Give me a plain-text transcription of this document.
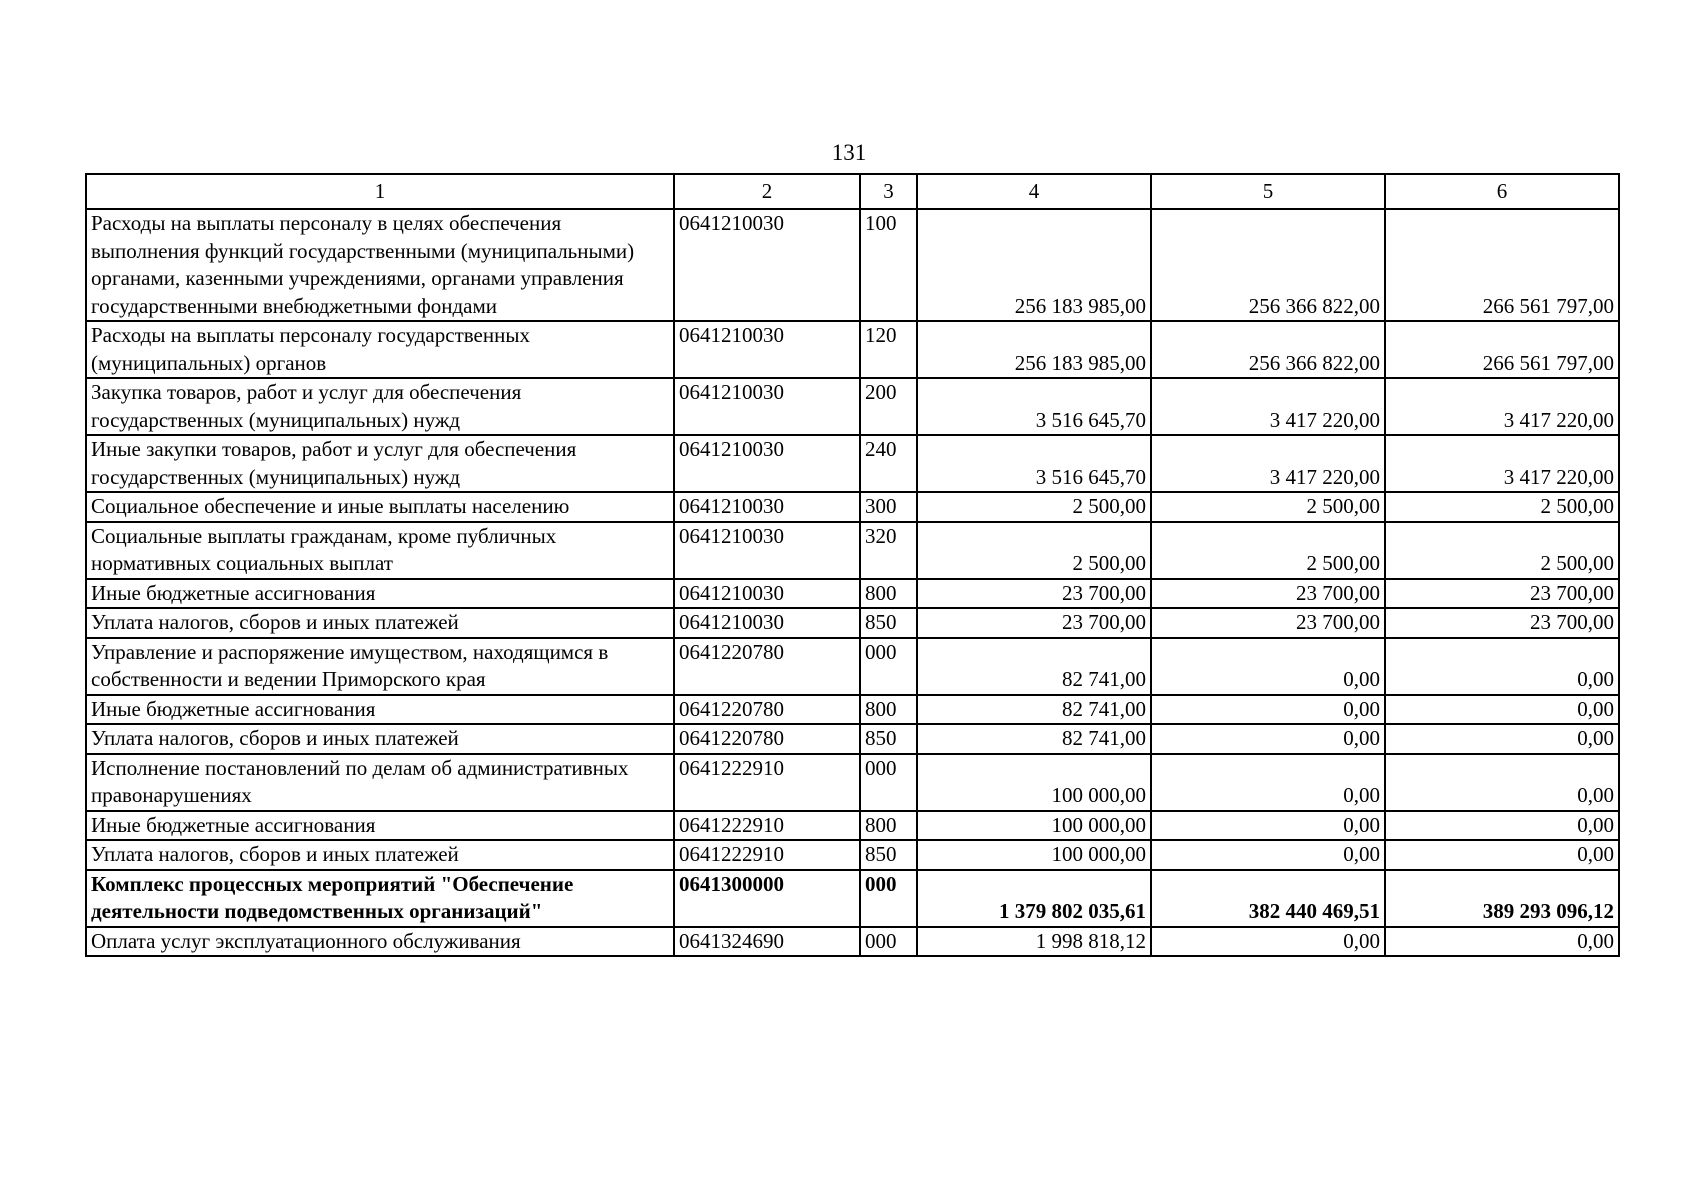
131
1	2	3	4	5	6
Расходы на выплаты персоналу в целях обеспечения выполнения функций государственными (муниципальными) органами, казенными учреждениями, органами управления государственными внебюджетными фондами	0641210030	100	256 183 985,00	256 366 822,00	266 561 797,00
Расходы на выплаты персоналу государственных (муниципальных) органов	0641210030	120	256 183 985,00	256 366 822,00	266 561 797,00
Закупка товаров, работ и услуг для обеспечения государственных (муниципальных) нужд	0641210030	200	3 516 645,70	3 417 220,00	3 417 220,00
Иные закупки товаров, работ и услуг для обеспечения государственных (муниципальных) нужд	0641210030	240	3 516 645,70	3 417 220,00	3 417 220,00
Социальное обеспечение и иные выплаты населению	0641210030	300	2 500,00	2 500,00	2 500,00
Социальные выплаты гражданам, кроме публичных нормативных социальных выплат	0641210030	320	2 500,00	2 500,00	2 500,00
Иные бюджетные ассигнования	0641210030	800	23 700,00	23 700,00	23 700,00
Уплата налогов, сборов и иных платежей	0641210030	850	23 700,00	23 700,00	23 700,00
Управление и распоряжение имуществом, находящимся в собственности и ведении Приморского края	0641220780	000	82 741,00	0,00	0,00
Иные бюджетные ассигнования	0641220780	800	82 741,00	0,00	0,00
Уплата налогов, сборов и иных платежей	0641220780	850	82 741,00	0,00	0,00
Исполнение постановлений по делам об административных правонарушениях	0641222910	000	100 000,00	0,00	0,00
Иные бюджетные ассигнования	0641222910	800	100 000,00	0,00	0,00
Уплата налогов, сборов и иных платежей	0641222910	850	100 000,00	0,00	0,00
Комплекс процессных мероприятий "Обеспечение деятельности подведомственных организаций"	0641300000	000	1 379 802 035,61	382 440 469,51	389 293 096,12
Оплата услуг эксплуатационного обслуживания	0641324690	000	1 998 818,12	0,00	0,00
